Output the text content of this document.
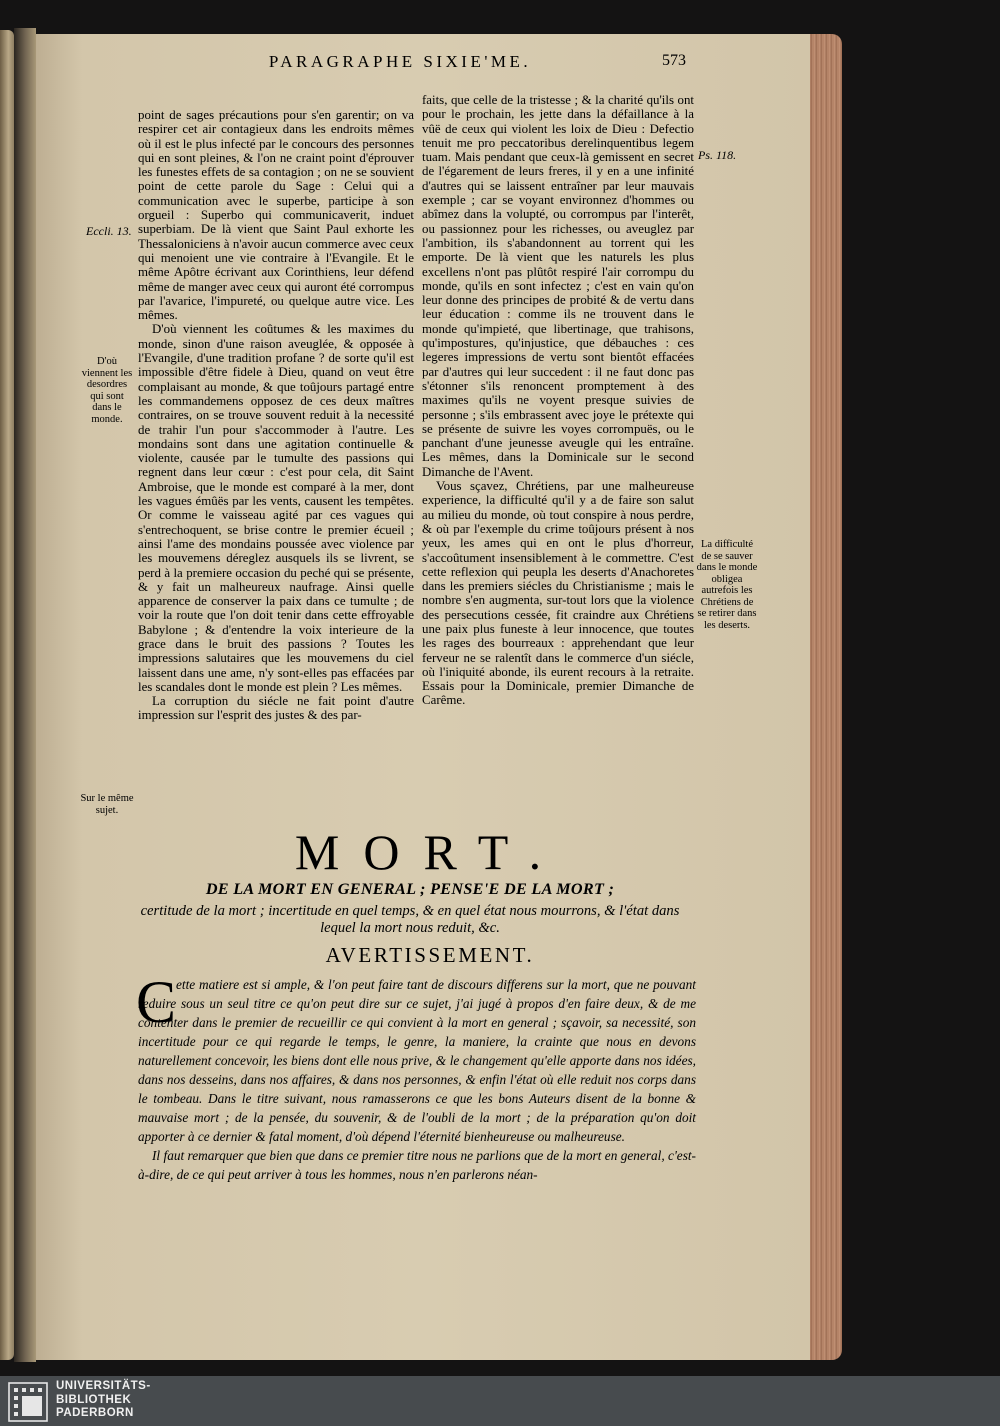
PARAGRAPHE SIXIE'ME.	573
Eccli. 13.
D'où viennent les desordres qui sont dans le monde.
Sur le même sujet.
Ps. 118.
La difficulté de se sauver dans le monde obligea autrefois les Chrétiens de se retirer dans les deserts.

point de sages précautions pour s'en garentir; on va respirer cet air contagieux dans les endroits mêmes où il est le plus infecté par le concours des personnes qui en sont pleines, & l'on ne craint point d'éprouver les funestes effets de sa contagion ; on ne se souvient point de cette parole du Sage : Celui qui a communication avec le superbe, participe à son orgueil : Superbo qui communicaverit, induet superbiam. De là vient que Saint Paul exhorte les Thessaloniciens à n'avoir aucun commerce avec ceux qui menoient une vie contraire à l'Evangile. Et le même Apôtre écrivant aux Corinthiens, leur défend même de manger avec ceux qui auront été corrompus par l'avarice, l'impureté, ou quelque autre vice. Les mêmes.

D'où viennent les coûtumes & les maximes du monde, sinon d'une raison aveuglée, & opposée à l'Evangile, d'une tradition profane ? de sorte qu'il est impossible d'être fidele à Dieu, quand on veut être complaisant au monde, & que toûjours partagé entre les commandemens opposez de ces deux maîtres contraires, on se trouve souvent reduit à la necessité de trahir l'un pour s'accommoder à l'autre. Les mondains sont dans une agitation continuelle & violente, causée par le tumulte des passions qui regnent dans leur cœur : c'est pour cela, dit Saint Ambroise, que le monde est comparé à la mer, dont les vagues émûës par les vents, causent les tempêtes. Or comme le vaisseau agité par ces vagues qui s'entrechoquent, se brise contre le premier écueil ; ainsi l'ame des mondains poussée avec violence par les mouvemens déreglez ausquels ils se livrent, se perd à la premiere occasion du peché qui se présente, & y fait un malheureux naufrage. Ainsi quelle apparence de conserver la paix dans ce tumulte ; de voir la route que l'on doit tenir dans cette effroyable Babylone ; & d'entendre la voix interieure de la grace dans le bruit des passions ? Toutes les impressions salutaires que les mouvemens du ciel laissent dans une ame, n'y sont-elles pas effacées par les scandales dont le monde est plein ? Les mêmes.

La corruption du siécle ne fait point d'autre impression sur l'esprit des justes & des par-

faits, que celle de la tristesse ; & la charité qu'ils ont pour le prochain, les jette dans la défaillance à la vûë de ceux qui violent les loix de Dieu : Defectio tenuit me pro peccatoribus derelinquentibus legem tuam. Mais pendant que ceux-là gemissent en secret de l'égarement de leurs freres, il y en a une infinité d'autres qui se laissent entraîner par leur mauvais exemple ; car se voyant environnez d'hommes ou abîmez dans la volupté, ou corrompus par l'interêt, ou passionnez pour les richesses, ou aveuglez par l'ambition, ils s'abandonnent au torrent qui les emporte. De là vient que les naturels les plus excellens n'ont pas plûtôt respiré l'air corrompu du monde, qu'ils en sont infectez ; c'est en vain qu'on leur donne des principes de probité & de vertu dans leur éducation : comme ils ne trouvent dans le monde qu'impieté, que libertinage, que trahisons, qu'impostures, qu'injustice, que débauches : ces legeres impressions de vertu sont bientôt effacées par d'autres qui leur succedent : il ne faut donc pas s'étonner s'ils renoncent promptement à des maximes qu'ils ne voyent presque suivies de personne ; s'ils embrassent avec joye le prétexte qui se présente de suivre les voyes corrompuës, ou le panchant d'une jeunesse aveugle qui les entraîne. Les mêmes, dans la Dominicale sur le second Dimanche de l'Avent.

Vous sçavez, Chrétiens, par une malheureuse experience, la difficulté qu'il y a de faire son salut au milieu du monde, où tout conspire à nous perdre, & où par l'exemple du crime toûjours présent à nos yeux, les ames qui en ont le plus d'horreur, s'accoûtument insensiblement à le commettre. C'est cette reflexion qui peupla les deserts d'Anachoretes dans les premiers siécles du Christianisme ; mais le nombre s'en augmenta, sur-tout lors que la violence des persecutions cessée, fit craindre aux Chrétiens une paix plus funeste à leur innocence, que toutes les rages des bourreaux : apprehendant que leur ferveur ne se ralentît dans le commerce d'un siécle, où l'iniquité abonde, ils eurent recours à la retraite. Essais pour la Dominicale, premier Dimanche de Carême.

MORT.
DE LA MORT EN GENERAL ; PENSE'E DE LA MORT ;
certitude de la mort ; incertitude en quel temps, & en quel état nous mourrons, & l'état dans lequel la mort nous reduit, &c.
AVERTISSEMENT.
C ette matiere est si ample, & l'on peut faire tant de discours differens sur la mort, que ne pouvant reduire sous un seul titre ce qu'on peut dire sur ce sujet, j'ai jugé à propos d'en faire deux, & de me contenter dans le premier de recueillir ce qui convient à la mort en general ; sçavoir, sa necessité, son incertitude pour ce qui regarde le temps, le genre, la maniere, la crainte que nous en devons naturellement concevoir, les biens dont elle nous prive, & le changement qu'elle apporte dans nos idées, dans nos desseins, dans nos affaires, & dans nos personnes, & enfin l'état où elle reduit nos corps dans le tombeau. Dans le titre suivant, nous ramasserons ce que les bons Auteurs disent de la bonne & mauvaise mort ; de la pensée, du souvenir, & de l'oubli de la mort ; de la préparation qu'on doit apporter à ce dernier & fatal moment, d'où dépend l'éternité bienheureuse ou malheureuse.

Il faut remarquer que bien que dans ce premier titre nous ne parlions que de la mort en general, c'est-à-dire, de ce qui peut arriver à tous les hommes, nous n'en parlerons néan-

UNIVERSITÄTS-
BIBLIOTHEK
PADERBORN
